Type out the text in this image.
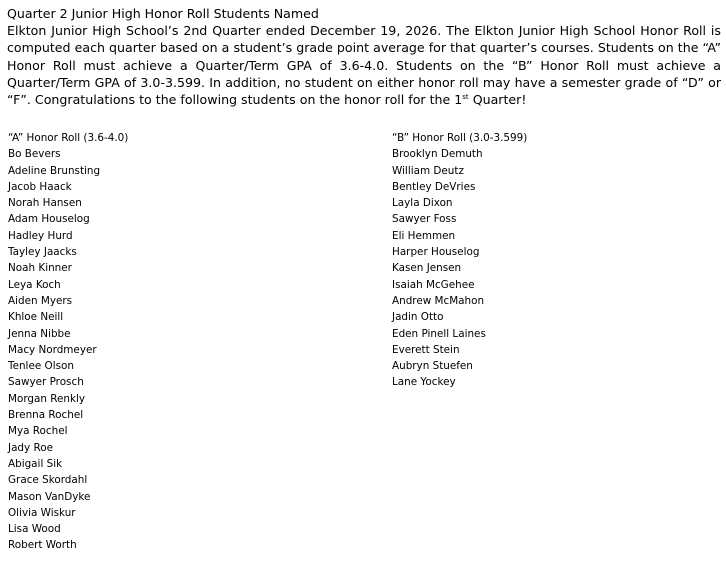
Quarter 2 Junior High Honor Roll Students Named

Elkton Junior High School’s 2nd Quarter ended December 19, 2026. The Elkton Junior High School Honor Roll is computed each quarter based on a student’s grade point average for that quarter’s courses. Students on the “A” Honor Roll must achieve a Quarter/Term GPA of 3.6-4.0. Students on the “B” Honor Roll must achieve a Quarter/Term GPA of 3.0-3.599. In addition, no student on either honor roll may have a semester grade of “D” or “F”. Congratulations to the following students on the honor roll for the 1st Quarter!

“A” Honor Roll (3.6-4.0)
Bo Bevers
Adeline Brunsting
Jacob Haack
Norah Hansen
Adam Houselog
Hadley Hurd
Tayley Jaacks
Noah Kinner
Leya Koch
Aiden Myers
Khloe Neill
Jenna Nibbe
Macy Nordmeyer
Tenlee Olson
Sawyer Prosch
Morgan Renkly
Brenna Rochel
Mya Rochel
Jady Roe
Abigail Sik
Grace Skordahl
Mason VanDyke
Olivia Wiskur
Lisa Wood
Robert Worth
“B” Honor Roll (3.0-3.599)
Brooklyn Demuth
William Deutz
Bentley DeVries
Layla Dixon
Sawyer Foss
Eli Hemmen
Harper Houselog
Kasen Jensen
Isaiah McGehee
Andrew McMahon
Jadin Otto
Eden Pinell Laines
Everett Stein
Aubryn Stuefen
Lane Yockey
